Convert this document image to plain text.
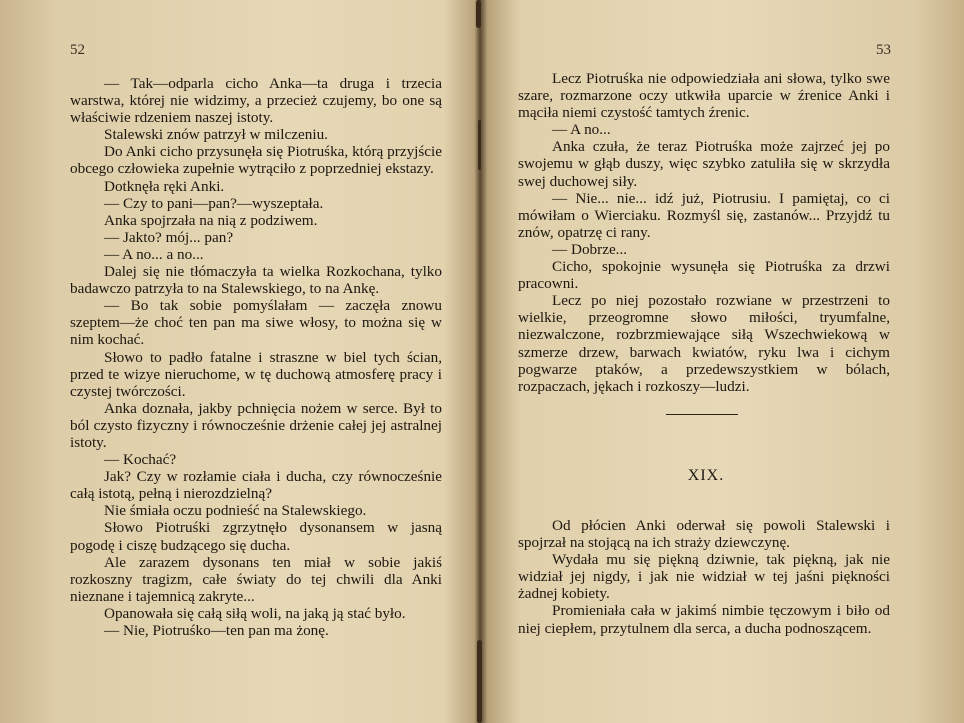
52

— Tak—odparla cicho Anka—ta druga i trzecia warstwa, której nie widzimy, a przecież czujemy, bo one są właściwie rdzeniem naszej istoty.

Stalewski znów patrzył w milczeniu.

Do Anki cicho przysunęła się Piotruśka, którą przyjście obcego człowieka zupełnie wytrąciło z poprzedniej ekstazy.

Dotknęła ręki Anki.

— Czy to pani—pan?—wyszeptała.

Anka spojrzała na nią z podziwem.

— Jakto? mój... pan?

— A no... a no...

Dalej się nie tłómaczyła ta wielka Rozkochana, tylko badawczo patrzyła to na Stalewskiego, to na Ankę.

— Bo tak sobie pomyślałam — zaczęła znowu szeptem—że choć ten pan ma siwe włosy, to można się w nim kochać.

Słowo to padło fatalne i straszne w biel tych ścian, przed te wizye nieruchome, w tę duchową atmosferę pracy i czystej twórczości.

Anka doznała, jakby pchnięcia nożem w serce. Był to ból czysto fizyczny i równocześnie drżenie całej jej astralnej istoty.

— Kochać?

Jak? Czy w rozłamie ciała i ducha, czy równocześnie całą istotą, pełną i nierozdzielną?

Nie śmiała oczu podnieść na Stalewskiego.

Słowo Piotruśki zgrzytnęło dysonansem w jasną pogodę i ciszę budzącego się ducha.

Ale zarazem dysonans ten miał w sobie jakiś rozkoszny tragizm, całe światy do tej chwili dla Anki nieznane i tajemnicą zakryte...

Opanowała się całą siłą woli, na jaką ją stać było.

— Nie, Piotruśko—ten pan ma żonę.

53

Lecz Piotruśka nie odpowiedziała ani słowa, tylko swe szare, rozmarzone oczy utkwiła uparcie w źrenice Anki i mąciła niemi czystość tamtych źrenic.

— A no...

Anka czuła, że teraz Piotruśka może zajrzeć jej po swojemu w głąb duszy, więc szybko zatuliła się w skrzydła swej duchowej siły.

— Nie... nie... idź już, Piotrusiu. I pamiętaj, co ci mówiłam o Wierciaku. Rozmyśl się, zastanów... Przyjdź tu znów, opatrzę ci rany.

— Dobrze...

Cicho, spokojnie wysunęła się Piotruśka za drzwi pracowni.

Lecz po niej pozostało rozwiane w przestrzeni to wielkie, przeogromne słowo miłości, tryumfalne, niezwalczone, rozbrzmiewające siłą Wszechwiekową w szmerze drzew, barwach kwiatów, ryku lwa i cichym pogwarze ptaków, a przedewszystkiem w bólach, rozpaczach, jękach i rozkoszy—ludzi.

XIX.

Od płócien Anki oderwał się powoli Stalewski i spojrzał na stojącą na ich straży dziewczynę.

Wydała mu się piękną dziwnie, tak piękną, jak nie widział jej nigdy, i jak nie widział w tej jaśni piękności żadnej kobiety.

Promieniała cała w jakimś nimbie tęczowym i biło od niej ciepłem, przytulnem dla serca, a ducha podnoszącem.
